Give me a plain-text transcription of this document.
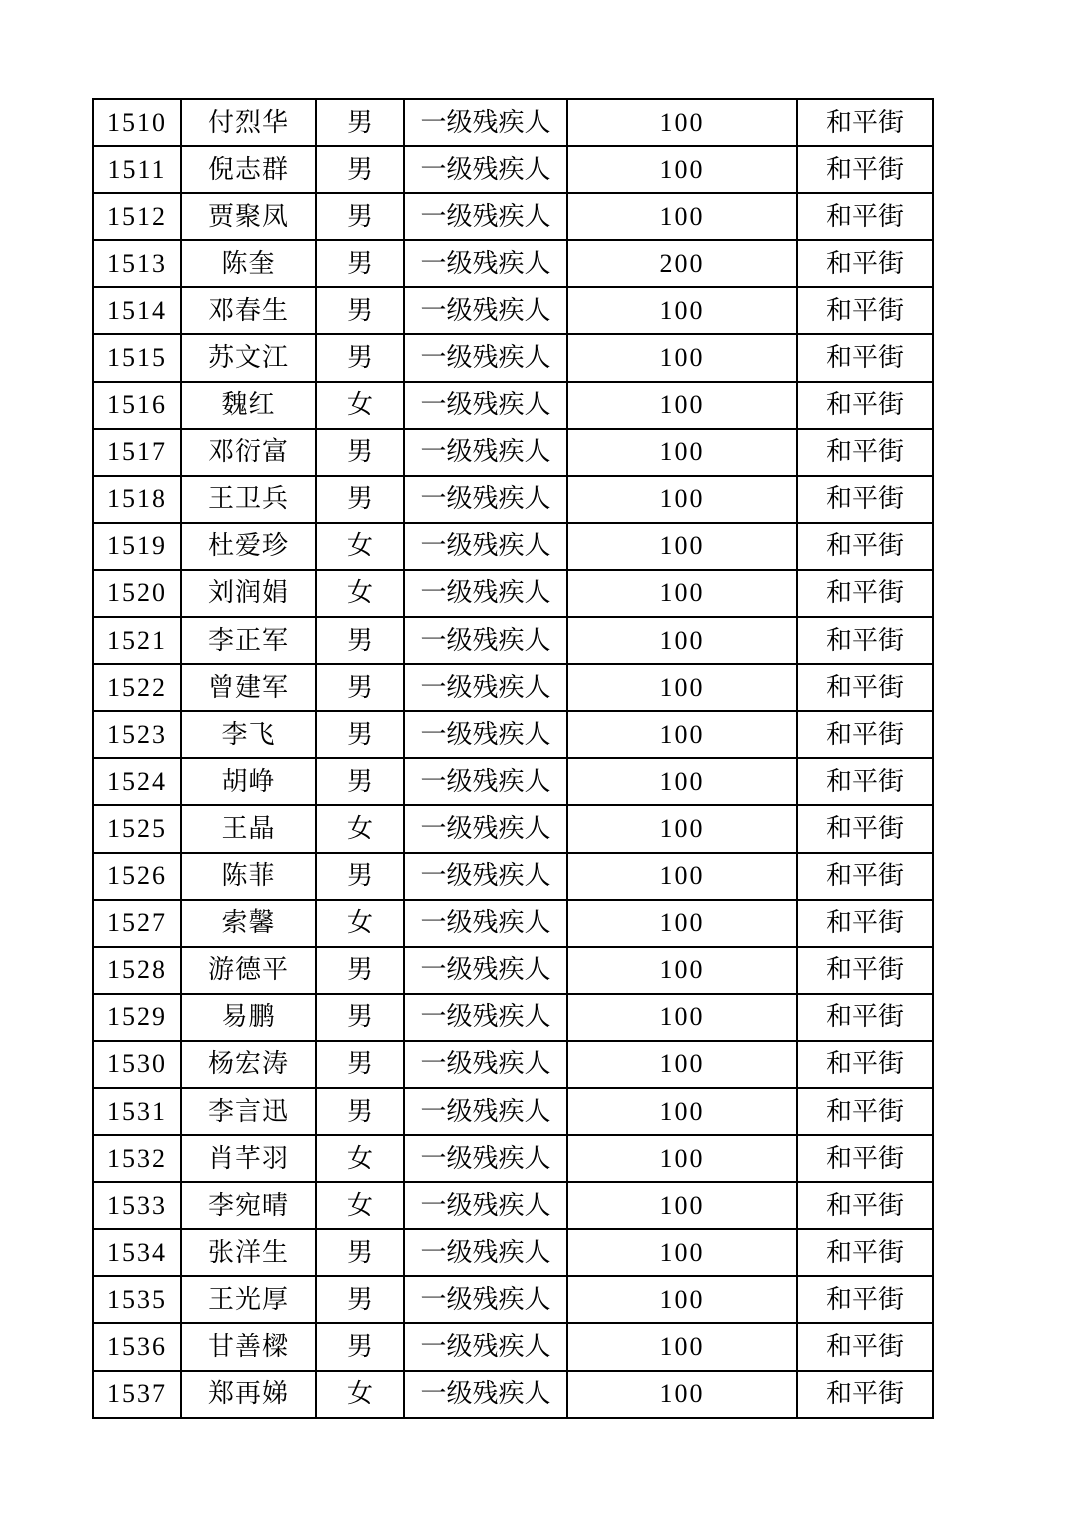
1510	付烈华	男	一级残疾人	100	和平街
1511	倪志群	男	一级残疾人	100	和平街
1512	贾聚凤	男	一级残疾人	100	和平街
1513	陈奎	男	一级残疾人	200	和平街
1514	邓春生	男	一级残疾人	100	和平街
1515	苏文江	男	一级残疾人	100	和平街
1516	魏红	女	一级残疾人	100	和平街
1517	邓衍富	男	一级残疾人	100	和平街
1518	王卫兵	男	一级残疾人	100	和平街
1519	杜爱珍	女	一级残疾人	100	和平街
1520	刘润娟	女	一级残疾人	100	和平街
1521	李正军	男	一级残疾人	100	和平街
1522	曾建军	男	一级残疾人	100	和平街
1523	李飞	男	一级残疾人	100	和平街
1524	胡峥	男	一级残疾人	100	和平街
1525	王晶	女	一级残疾人	100	和平街
1526	陈菲	男	一级残疾人	100	和平街
1527	索馨	女	一级残疾人	100	和平街
1528	游德平	男	一级残疾人	100	和平街
1529	易鹏	男	一级残疾人	100	和平街
1530	杨宏涛	男	一级残疾人	100	和平街
1531	李言迅	男	一级残疾人	100	和平街
1532	肖芊羽	女	一级残疾人	100	和平街
1533	李宛晴	女	一级残疾人	100	和平街
1534	张洋生	男	一级残疾人	100	和平街
1535	王光厚	男	一级残疾人	100	和平街
1536	甘善樑	男	一级残疾人	100	和平街
1537	郑再娣	女	一级残疾人	100	和平街
